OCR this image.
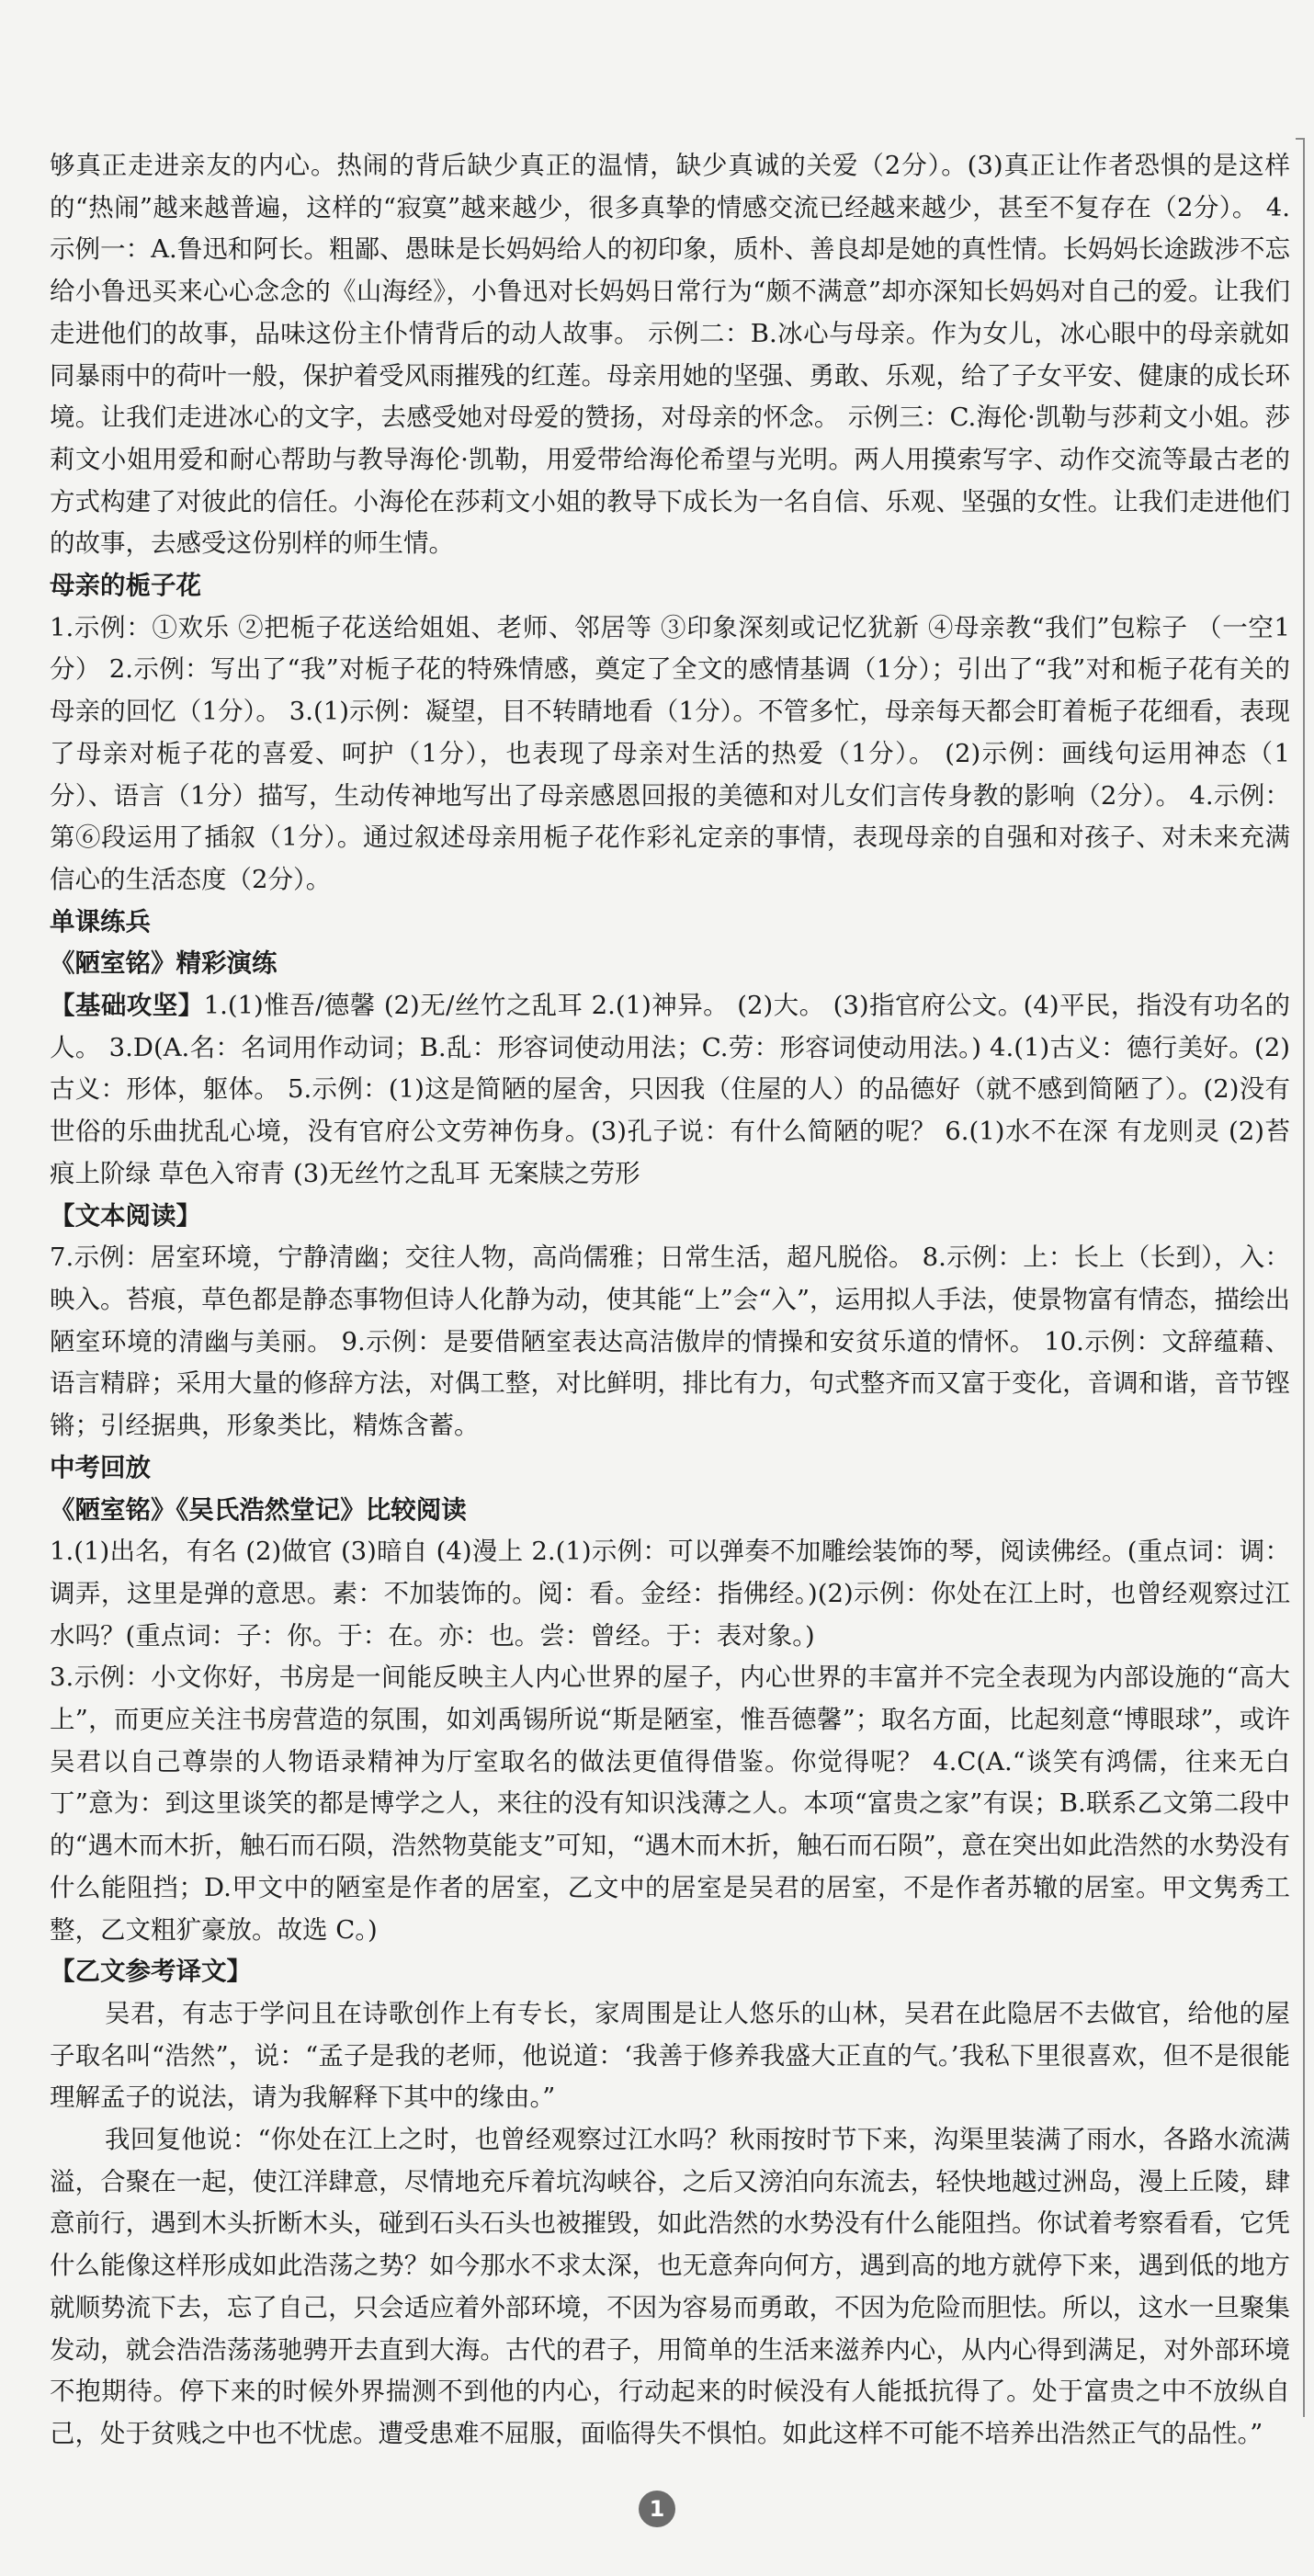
够真正走进亲友的内心。热闹的背后缺少真正的温情，缺少真诚的关爱（2分）。(3)真正让作者恐惧的是这样的“热闹”越来越普遍，这样的“寂寞”越来越少，很多真挚的情感交流已经越来越少，甚至不复存在（2分）。 4.示例一：A.鲁迅和阿长。粗鄙、愚昧是长妈妈给人的初印象，质朴、善良却是她的真性情。长妈妈长途跋涉不忘给小鲁迅买来心心念念的《山海经》，小鲁迅对长妈妈日常行为“颇不满意”却亦深知长妈妈对自己的爱。让我们走进他们的故事，品味这份主仆情背后的动人故事。 示例二：B.冰心与母亲。作为女儿，冰心眼中的母亲就如同暴雨中的荷叶一般，保护着受风雨摧残的红莲。母亲用她的坚强、勇敢、乐观，给了子女平安、健康的成长环境。让我们走进冰心的文字，去感受她对母爱的赞扬，对母亲的怀念。 示例三：C.海伦·凯勒与莎莉文小姐。莎莉文小姐用爱和耐心帮助与教导海伦·凯勒，用爱带给海伦希望与光明。两人用摸索写字、动作交流等最古老的方式构建了对彼此的信任。小海伦在莎莉文小姐的教导下成长为一名自信、乐观、坚强的女性。让我们走进他们的故事，去感受这份别样的师生情。

母亲的栀子花

1.示例：①欢乐 ②把栀子花送给姐姐、老师、邻居等 ③印象深刻或记忆犹新 ④母亲教“我们”包粽子 （一空1分） 2.示例：写出了“我”对栀子花的特殊情感，奠定了全文的感情基调（1分）；引出了“我”对和栀子花有关的母亲的回忆（1分）。 3.(1)示例：凝望，目不转睛地看（1分）。不管多忙，母亲每天都会盯着栀子花细看，表现了母亲对栀子花的喜爱、呵护（1分），也表现了母亲对生活的热爱（1分）。 (2)示例：画线句运用神态（1分）、语言（1分）描写，生动传神地写出了母亲感恩回报的美德和对儿女们言传身教的影响（2分）。 4.示例：第⑥段运用了插叙（1分）。通过叙述母亲用栀子花作彩礼定亲的事情，表现母亲的自强和对孩子、对未来充满信心的生活态度（2分）。

单课练兵

《陋室铭》精彩演练

【基础攻坚】1.(1)惟吾/德馨 (2)无/丝竹之乱耳 2.(1)神异。 (2)大。 (3)指官府公文。(4)平民，指没有功名的人。 3.D(A.名：名词用作动词；B.乱：形容词使动用法；C.劳：形容词使动用法。) 4.(1)古义：德行美好。(2)古义：形体，躯体。 5.示例：(1)这是简陋的屋舍，只因我（住屋的人）的品德好（就不感到简陋了）。(2)没有世俗的乐曲扰乱心境，没有官府公文劳神伤身。(3)孔子说：有什么简陋的呢？ 6.(1)水不在深 有龙则灵 (2)苔痕上阶绿 草色入帘青 (3)无丝竹之乱耳 无案牍之劳形

【文本阅读】

7.示例：居室环境，宁静清幽；交往人物，高尚儒雅；日常生活，超凡脱俗。 8.示例：上：长上（长到），入：映入。苔痕，草色都是静态事物但诗人化静为动，使其能“上”会“入”，运用拟人手法，使景物富有情态，描绘出陋室环境的清幽与美丽。 9.示例：是要借陋室表达高洁傲岸的情操和安贫乐道的情怀。 10.示例：文辞蕴藉、语言精辟；采用大量的修辞方法，对偶工整，对比鲜明，排比有力，句式整齐而又富于变化，音调和谐，音节铿锵；引经据典，形象类比，精炼含蓄。

中考回放

《陋室铭》《吴氏浩然堂记》比较阅读

1.(1)出名，有名 (2)做官 (3)暗自 (4)漫上 2.(1)示例：可以弹奏不加雕绘装饰的琴，阅读佛经。(重点词：调：调弄，这里是弹的意思。素：不加装饰的。阅：看。金经：指佛经。)(2)示例：你处在江上时，也曾经观察过江水吗？(重点词：子：你。于：在。亦：也。尝：曾经。于：表对象。)

3.示例：小文你好，书房是一间能反映主人内心世界的屋子，内心世界的丰富并不完全表现为内部设施的“高大上”，而更应关注书房营造的氛围，如刘禹锡所说“斯是陋室，惟吾德馨”；取名方面，比起刻意“博眼球”，或许吴君以自己尊崇的人物语录精神为厅室取名的做法更值得借鉴。你觉得呢？ 4.C(A.“谈笑有鸿儒，往来无白丁”意为：到这里谈笑的都是博学之人，来往的没有知识浅薄之人。本项“富贵之家”有误；B.联系乙文第二段中的“遇木而木折，触石而石陨，浩然物莫能支”可知，“遇木而木折，触石而石陨”，意在突出如此浩然的水势没有什么能阻挡；D.甲文中的陋室是作者的居室，乙文中的居室是吴君的居室，不是作者苏辙的居室。甲文隽秀工整，乙文粗犷豪放。故选 C。)

【乙文参考译文】

吴君，有志于学问且在诗歌创作上有专长，家周围是让人悠乐的山林，吴君在此隐居不去做官，给他的屋子取名叫“浩然”，说：“孟子是我的老师，他说道：‘我善于修养我盛大正直的气。’我私下里很喜欢，但不是很能理解孟子的说法，请为我解释下其中的缘由。”

我回复他说：“你处在江上之时，也曾经观察过江水吗？秋雨按时节下来，沟渠里装满了雨水，各路水流满溢，合聚在一起，使江洋肆意，尽情地充斥着坑沟峡谷，之后又滂泊向东流去，轻快地越过洲岛，漫上丘陵，肆意前行，遇到木头折断木头，碰到石头石头也被摧毁，如此浩然的水势没有什么能阻挡。你试着考察看看，它凭什么能像这样形成如此浩荡之势？如今那水不求太深，也无意奔向何方，遇到高的地方就停下来，遇到低的地方就顺势流下去，忘了自己，只会适应着外部环境，不因为容易而勇敢，不因为危险而胆怯。所以，这水一旦聚集发动，就会浩浩荡荡驰骋开去直到大海。古代的君子，用简单的生活来滋养内心，从内心得到满足，对外部环境不抱期待。停下来的时候外界揣测不到他的内心，行动起来的时候没有人能抵抗得了。处于富贵之中不放纵自己，处于贫贱之中也不忧虑。遭受患难不屈服，面临得失不惧怕。如此这样不可能不培养出浩然正气的品性。”

1
